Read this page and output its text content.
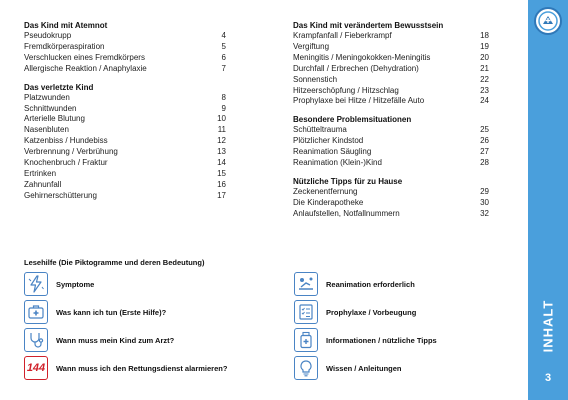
Das Kind mit Atemnot
Pseudokrupp	4
Fremdkörperaspiration	5
Verschlucken eines Fremdkörpers	6
Allergische Reaktion / Anaphylaxie	7
Das verletzte Kind
Platzwunden	8
Schnittwunden	9
Arterielle Blutung	10
Nasenbluten	11
Katzenbiss / Hundebiss	12
Verbrennung / Verbrühung	13
Knochenbruch / Fraktur	14
Ertrinken	15
Zahnunfall	16
Gehirnerschütterung	17
Das Kind mit verändertem Bewusstsein
Krampfanfall / Fieberkrampf	18
Vergiftung	19
Meningitis / Meningokokken-Meningitis	20
Durchfall / Erbrechen (Dehydration)	21
Sonnenstich	22
Hitzeerschöpfung / Hitzschlag	23
Prophylaxe bei Hitze / Hitzefälle Auto	24
Besondere Problemsituationen
Schütteltrauma	25
Plötzlicher Kindstod	26
Reanimation Säugling	27
Reanimation (Klein-)Kind	28
Nützliche Tipps für zu Hause
Zeckenentfernung	29
Die Kinderapotheke	30
Anlaufstellen, Notfallnummern	32
Lesehilfe (Die Piktogramme und deren Bedeutung)
Symptome
Was kann ich tun (Erste Hilfe)?
Wann muss mein Kind zum Arzt?
144 Wann muss ich den Rettungsdienst alarmieren?
Reanimation erforderlich
Prophylaxe / Vorbeugung
Informationen / nützliche Tipps
Wissen / Anleitungen
INHALT
3
